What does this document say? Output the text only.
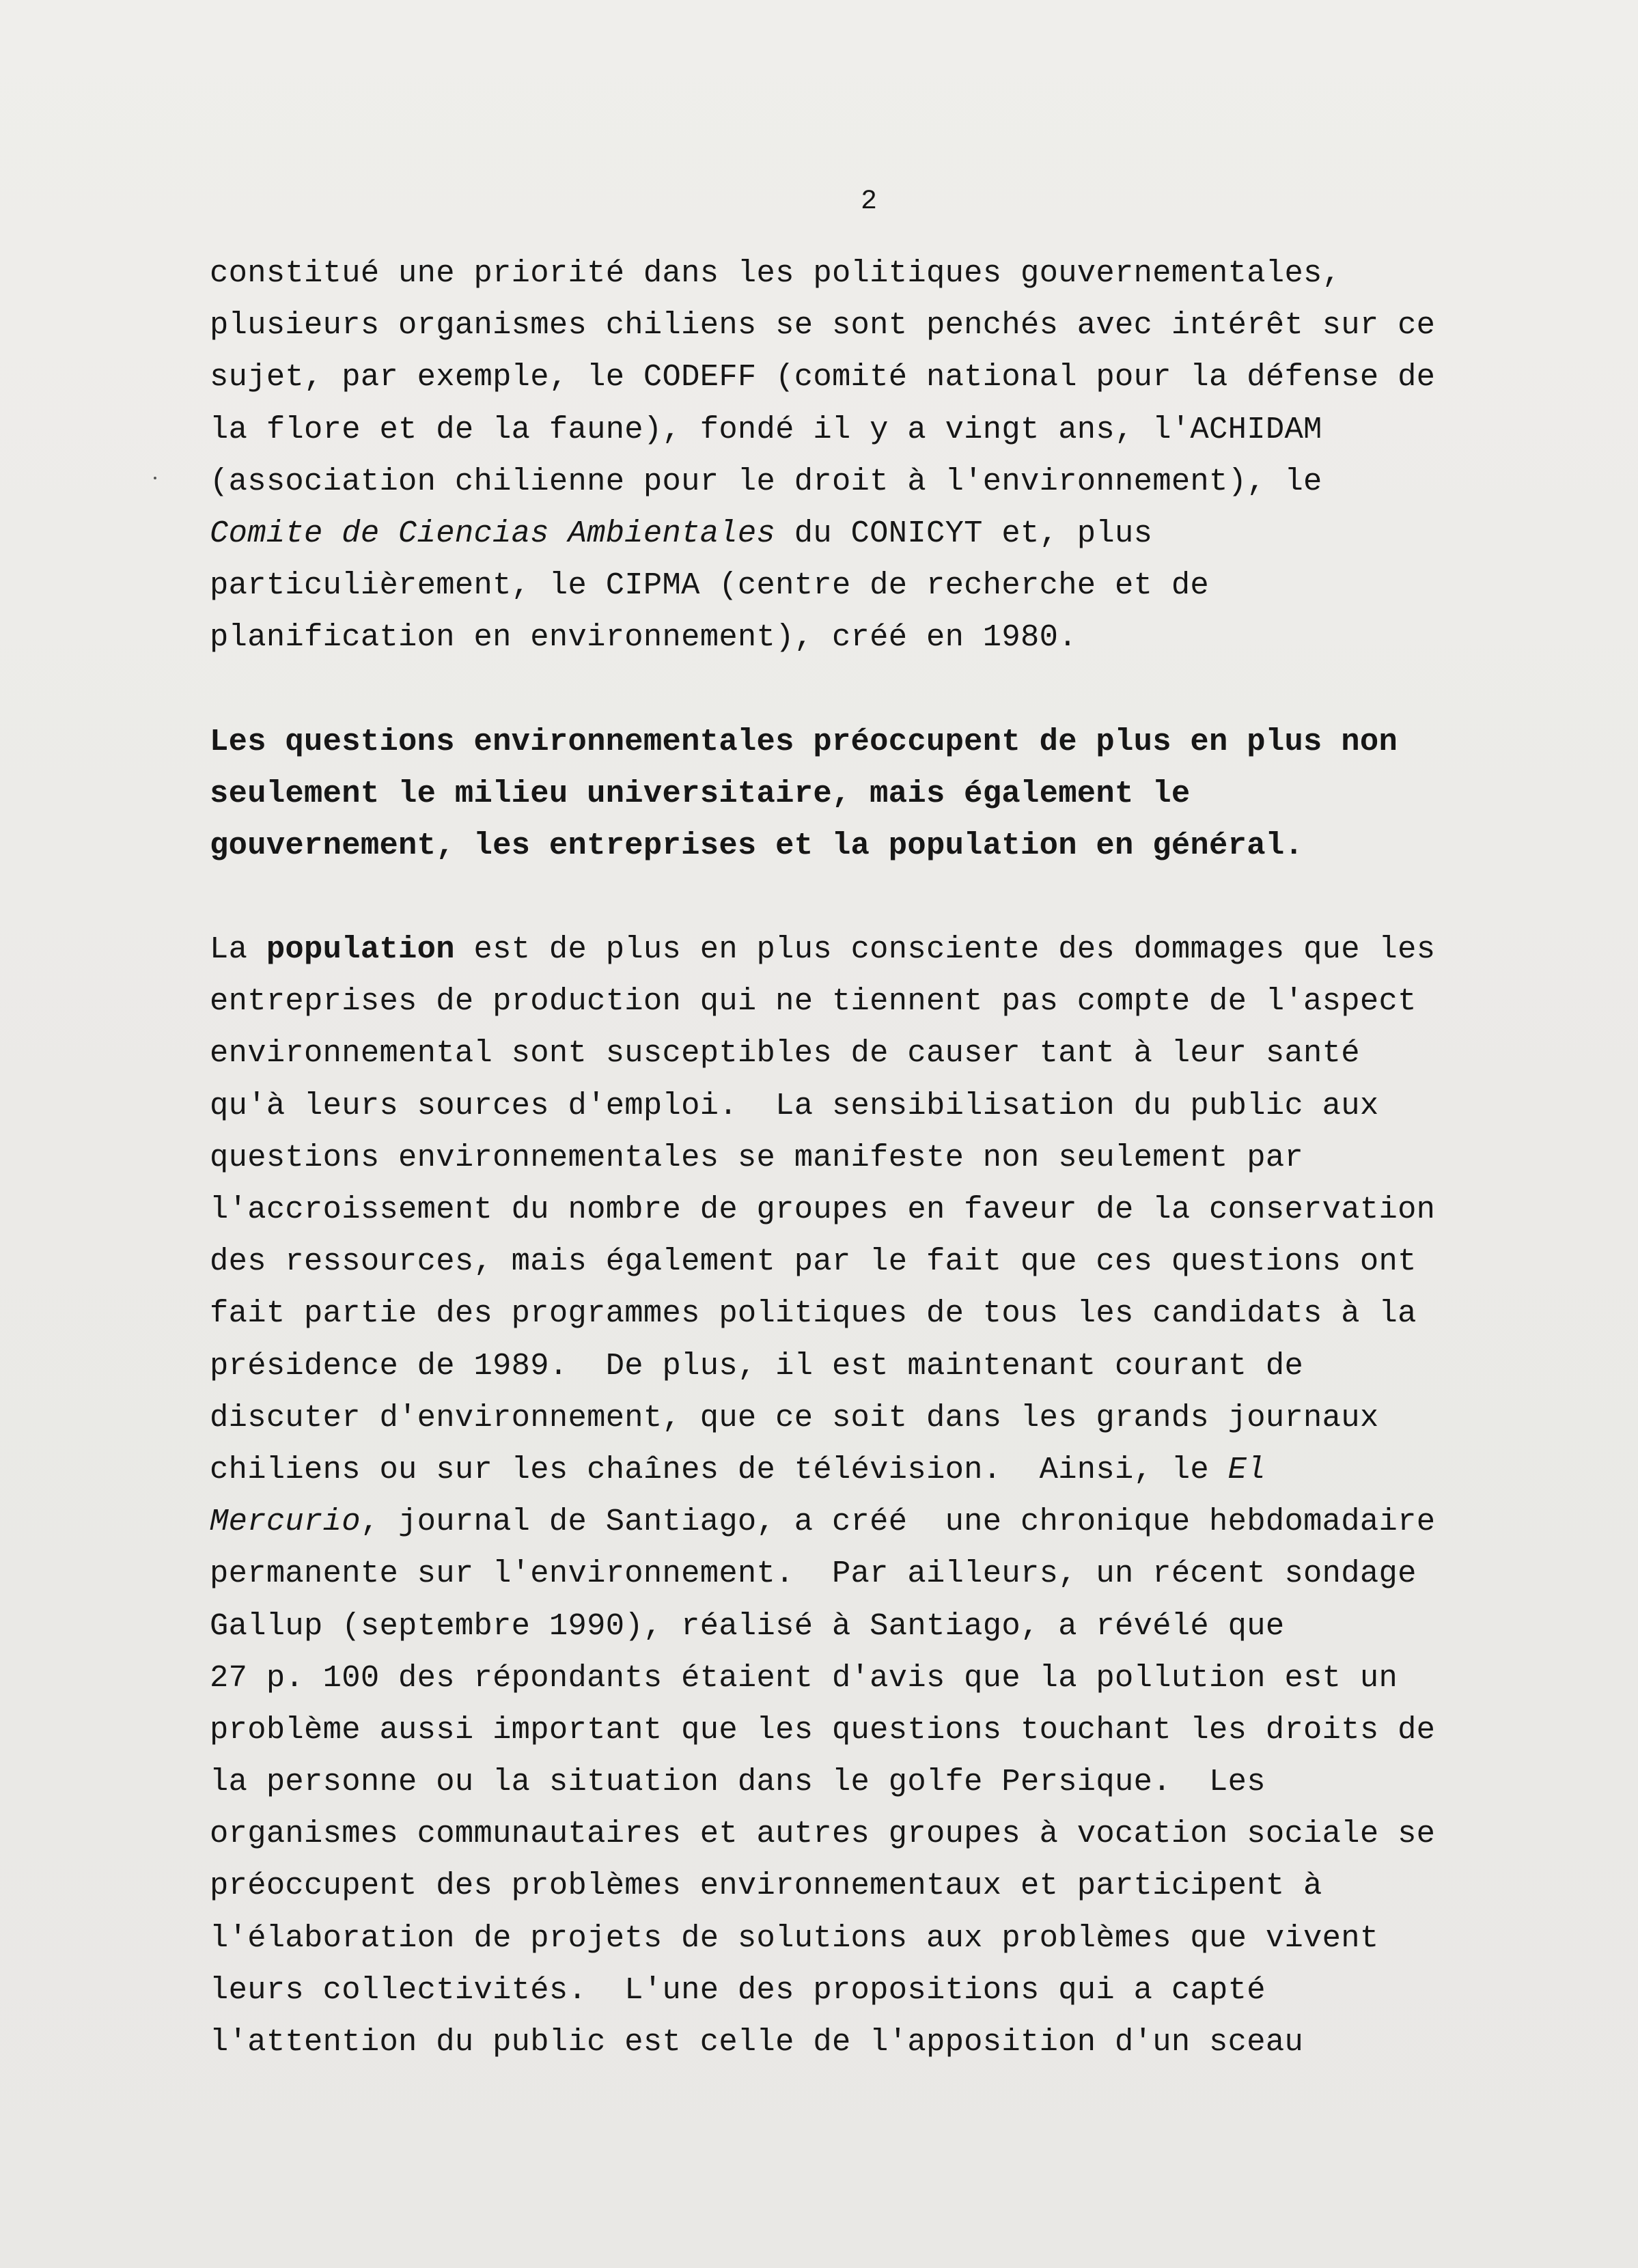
2
constitué une priorité dans les politiques gouvernementales,
plusieurs organismes chiliens se sont penchés avec intérêt sur ce
sujet, par exemple, le CODEFF (comité national pour la défense de
la flore et de la faune), fondé il y a vingt ans, l'ACHIDAM
(association chilienne pour le droit à l'environnement), le
Comite de Ciencias Ambientales du CONICYT et, plus
particulièrement, le CIPMA (centre de recherche et de
planification en environnement), créé en 1980.
Les questions environnementales préoccupent de plus en plus non
seulement le milieu universitaire, mais également le
gouvernement, les entreprises et la population en général.
La population est de plus en plus consciente des dommages que les
entreprises de production qui ne tiennent pas compte de l'aspect
environnemental sont susceptibles de causer tant à leur santé
qu'à leurs sources d'emploi.  La sensibilisation du public aux
questions environnementales se manifeste non seulement par
l'accroissement du nombre de groupes en faveur de la conservation
des ressources, mais également par le fait que ces questions ont
fait partie des programmes politiques de tous les candidats à la
présidence de 1989.  De plus, il est maintenant courant de
discuter d'environnement, que ce soit dans les grands journaux
chiliens ou sur les chaînes de télévision.  Ainsi, le El
Mercurio, journal de Santiago, a créé  une chronique hebdomadaire
permanente sur l'environnement.  Par ailleurs, un récent sondage
Gallup (septembre 1990), réalisé à Santiago, a révélé que
27 p. 100 des répondants étaient d'avis que la pollution est un
problème aussi important que les questions touchant les droits de
la personne ou la situation dans le golfe Persique.  Les
organismes communautaires et autres groupes à vocation sociale se
préoccupent des problèmes environnementaux et participent à
l'élaboration de projets de solutions aux problèmes que vivent
leurs collectivités.  L'une des propositions qui a capté
l'attention du public est celle de l'apposition d'un sceau
